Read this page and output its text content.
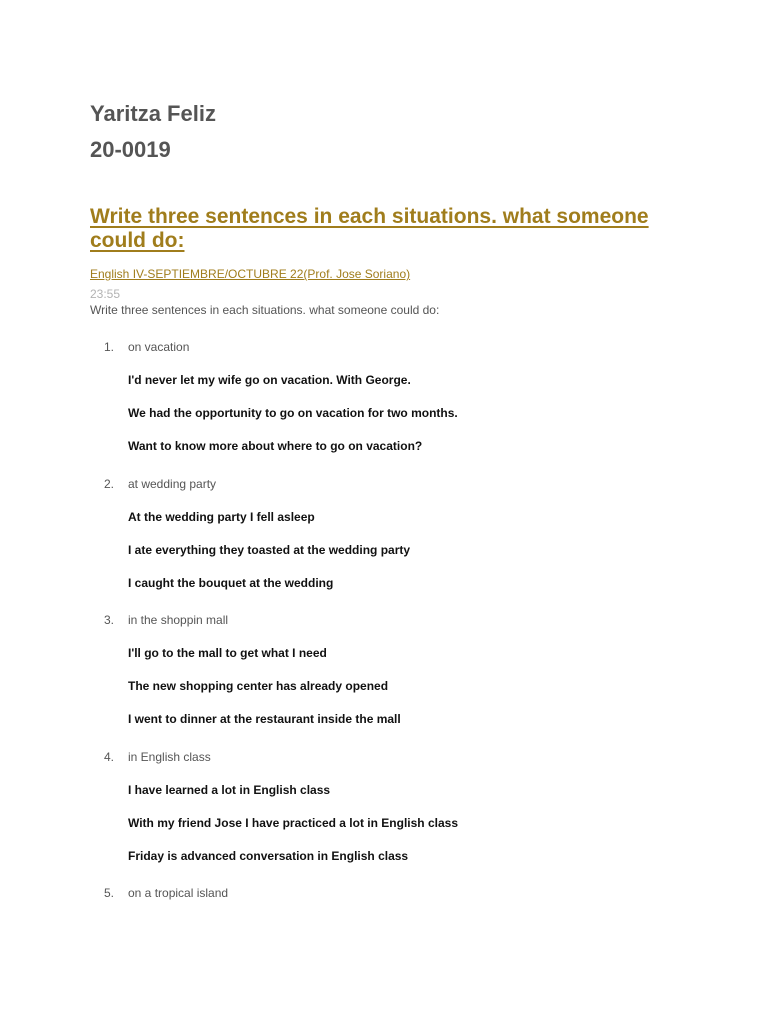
Yaritza Feliz
20-0019
Write three sentences in each situations. what someone could do:
English IV-SEPTIEMBRE/OCTUBRE 22(Prof. Jose Soriano)
23:55
Write three sentences in each situations. what someone could do:
1. on vacation
I'd never let my wife go on vacation. With George.
We had the opportunity to go on vacation for two months.
Want to know more about where to go on vacation?
2. at wedding party
At the wedding party I fell asleep
I ate everything they toasted at the wedding party
I caught the bouquet at the wedding
3. in the shoppin mall
I'll go to the mall to get what I need
The new shopping center has already opened
I went to dinner at the restaurant inside the mall
4. in English class
I have learned a lot in English class
With my friend Jose I have practiced a lot in English class
Friday is advanced conversation in English class
5. on a tropical island
